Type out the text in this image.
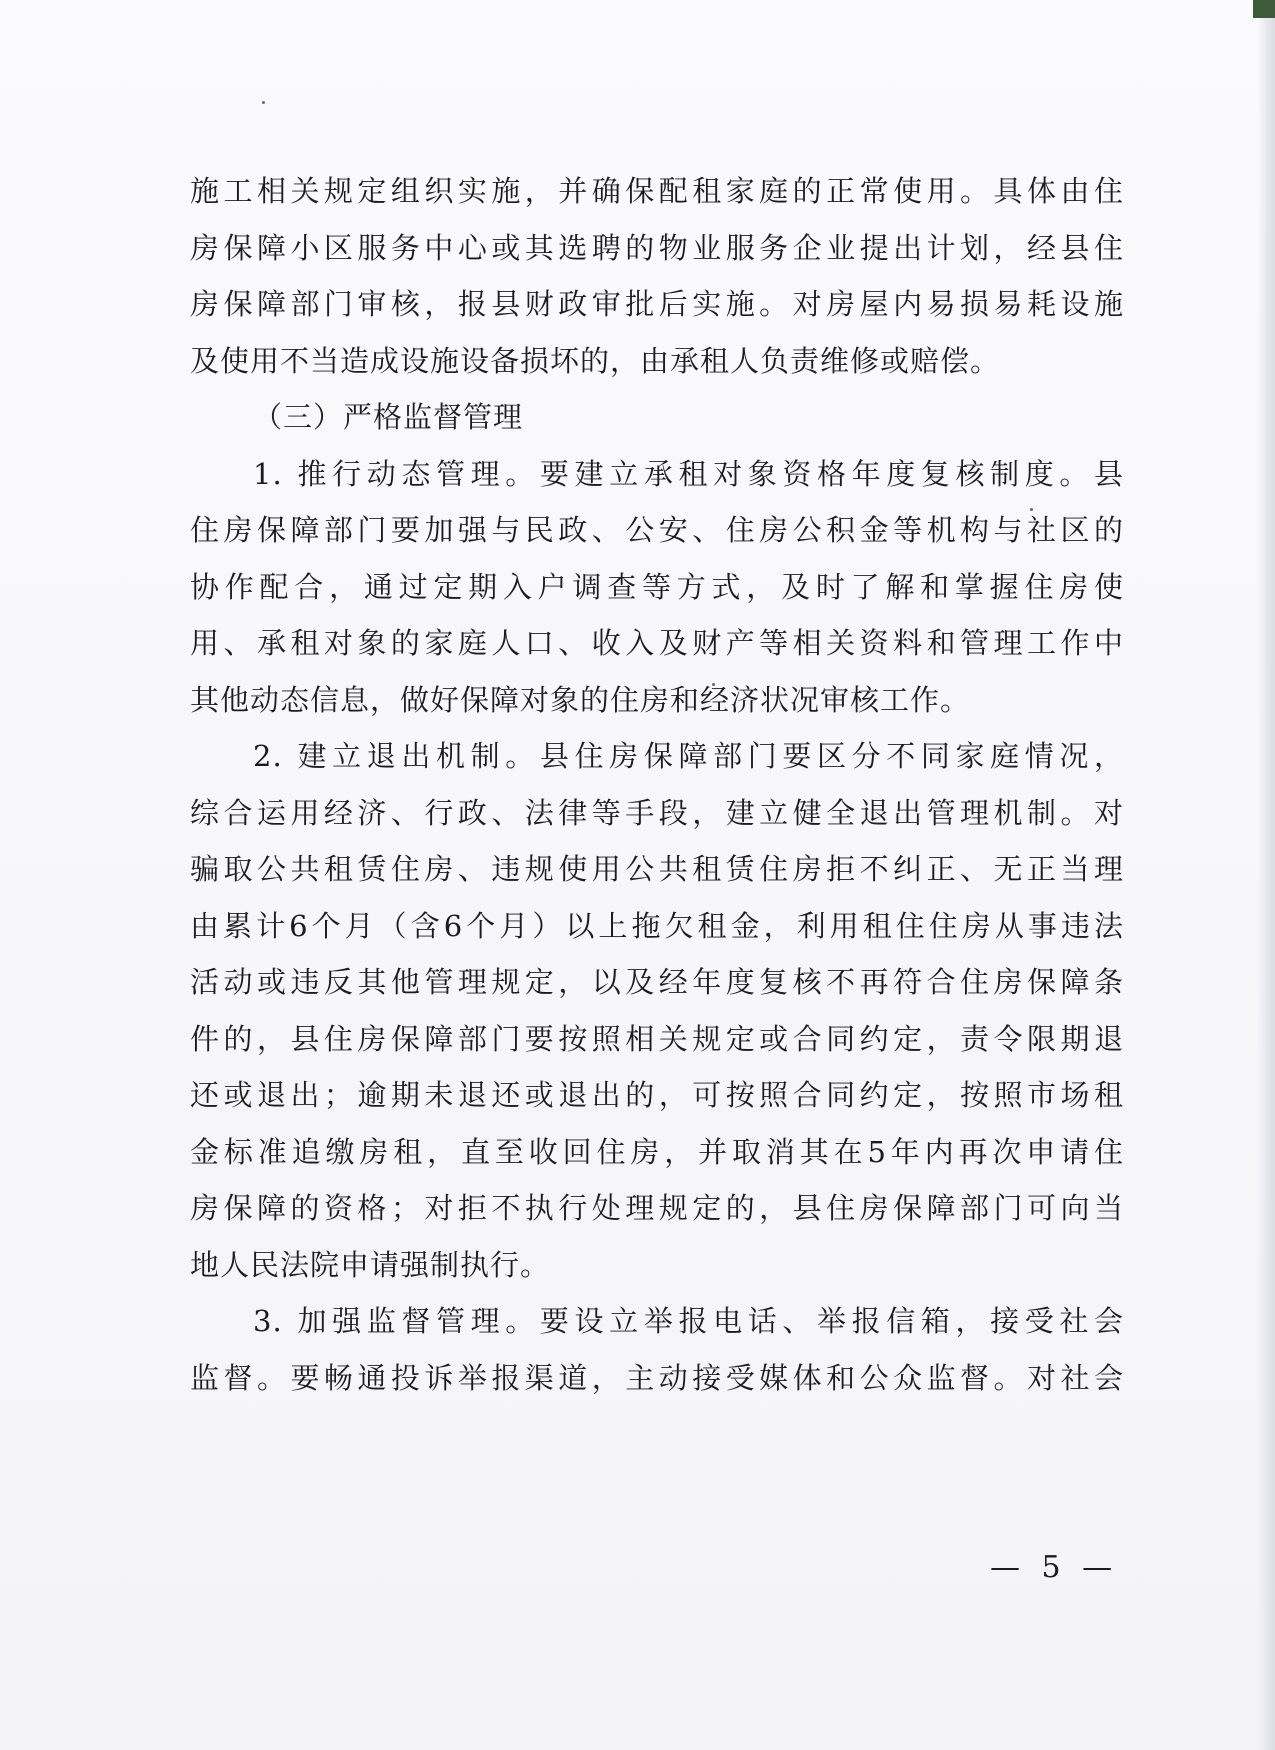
施工相关规定组织实施，并确保配租家庭的正常使用。具体由住
房保障小区服务中心或其选聘的物业服务企业提出计划，经县住
房保障部门审核，报县财政审批后实施。对房屋内易损易耗设施
及使用不当造成设施设备损坏的，由承租人负责维修或赔偿。
（三）严格监督管理
1. 推行动态管理。要建立承租对象资格年度复核制度。县
住房保障部门要加强与民政、公安、住房公积金等机构与社区的
协作配合，通过定期入户调查等方式，及时了解和掌握住房使
用、承租对象的家庭人口、收入及财产等相关资料和管理工作中
其他动态信息，做好保障对象的住房和经济状况审核工作。
2. 建立退出机制。县住房保障部门要区分不同家庭情况，
综合运用经济、行政、法律等手段，建立健全退出管理机制。对
骗取公共租赁住房、违规使用公共租赁住房拒不纠正、无正当理
由累计6个月（含6个月）以上拖欠租金，利用租住住房从事违法
活动或违反其他管理规定，以及经年度复核不再符合住房保障条
件的，县住房保障部门要按照相关规定或合同约定，责令限期退
还或退出；逾期未退还或退出的，可按照合同约定，按照市场租
金标准追缴房租，直至收回住房，并取消其在5年内再次申请住
房保障的资格；对拒不执行处理规定的，县住房保障部门可向当
地人民法院申请强制执行。
3. 加强监督管理。要设立举报电话、举报信箱，接受社会
监督。要畅通投诉举报渠道，主动接受媒体和公众监督。对社会
— 5 —
